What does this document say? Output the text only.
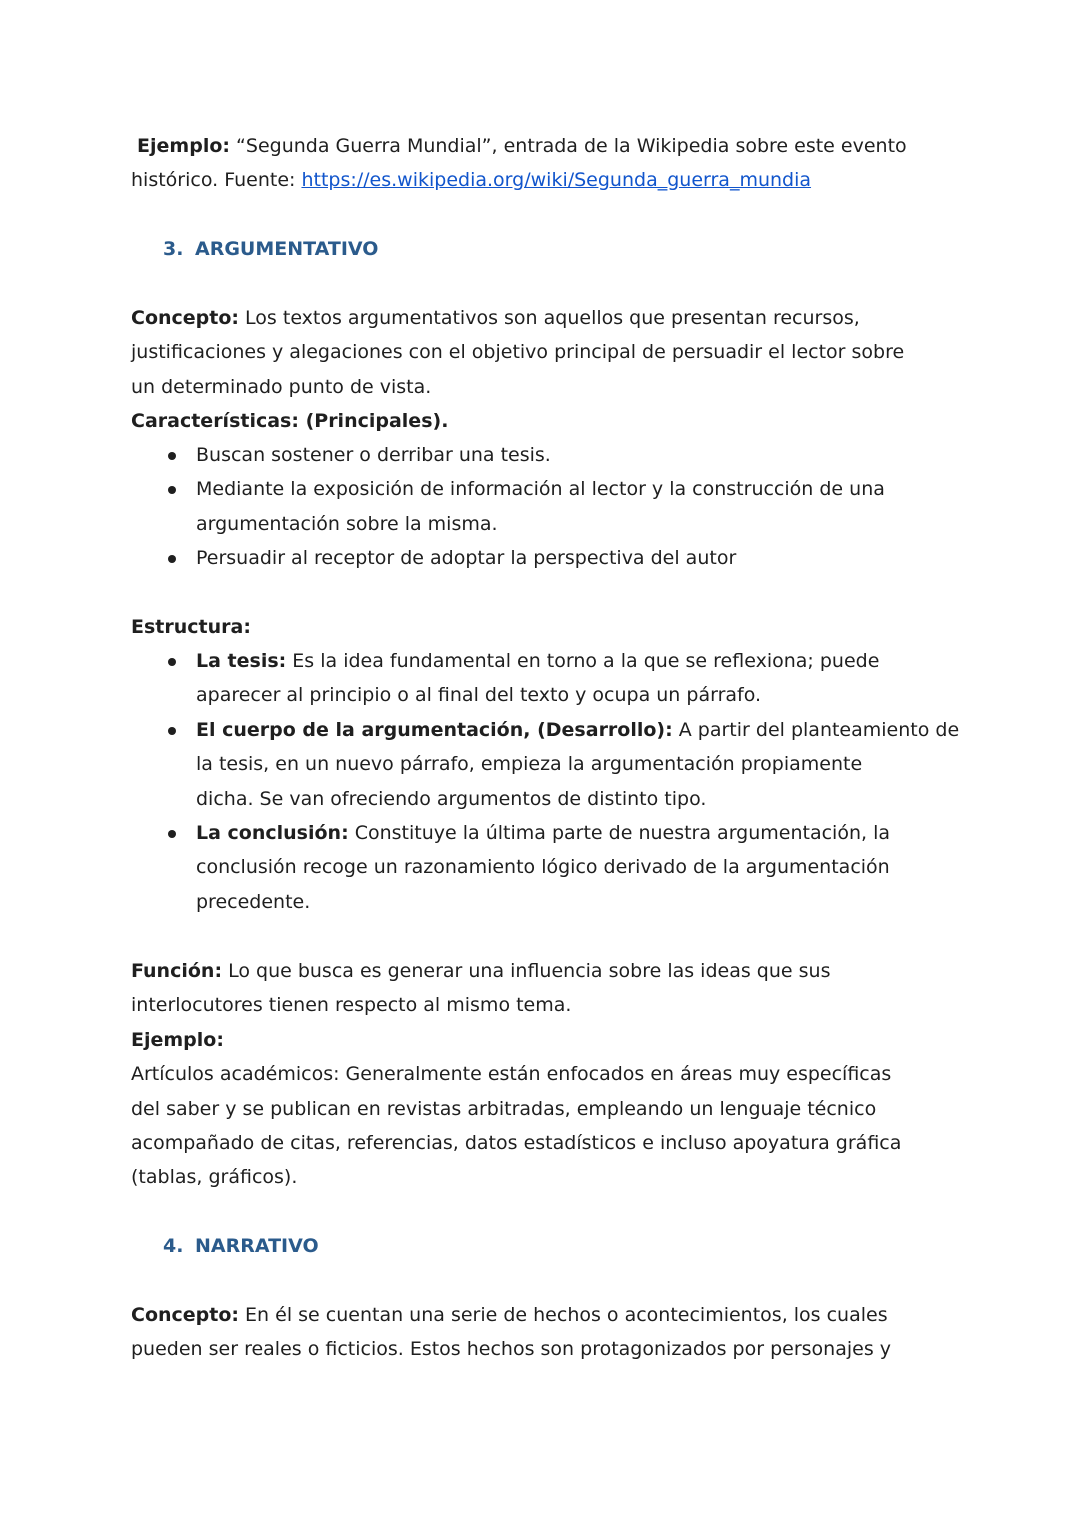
Ejemplo: “Segunda Guerra Mundial”, entrada de la Wikipedia sobre este evento
histórico. Fuente: https://es.wikipedia.org/wiki/Segunda_guerra_mundia
3. ARGUMENTATIVO
Concepto: Los textos argumentativos son aquellos que presentan recursos,
justificaciones y alegaciones con el objetivo principal de persuadir el lector sobre
un determinado punto de vista.
Características: (Principales).
Buscan sostener o derribar una tesis.
Mediante la exposición de información al lector y la construcción de una
argumentación sobre la misma.
Persuadir al receptor de adoptar la perspectiva del autor
Estructura:
La tesis: Es la idea fundamental en torno a la que se reflexiona; puede
aparecer al principio o al final del texto y ocupa un párrafo.
El cuerpo de la argumentación, (Desarrollo): A partir del planteamiento de
la tesis, en un nuevo párrafo, empieza la argumentación propiamente
dicha. Se van ofreciendo argumentos de distinto tipo.
La conclusión: Constituye la última parte de nuestra argumentación, la
conclusión recoge un razonamiento lógico derivado de la argumentación
precedente.
Función: Lo que busca es generar una influencia sobre las ideas que sus
interlocutores tienen respecto al mismo tema.
Ejemplo:
Artículos académicos: Generalmente están enfocados en áreas muy específicas
del saber y se publican en revistas arbitradas, empleando un lenguaje técnico
acompañado de citas, referencias, datos estadísticos e incluso apoyatura gráfica
(tablas, gráficos).
4. NARRATIVO
Concepto: En él se cuentan una serie de hechos o acontecimientos, los cuales
pueden ser reales o ficticios. Estos hechos son protagonizados por personajes y
